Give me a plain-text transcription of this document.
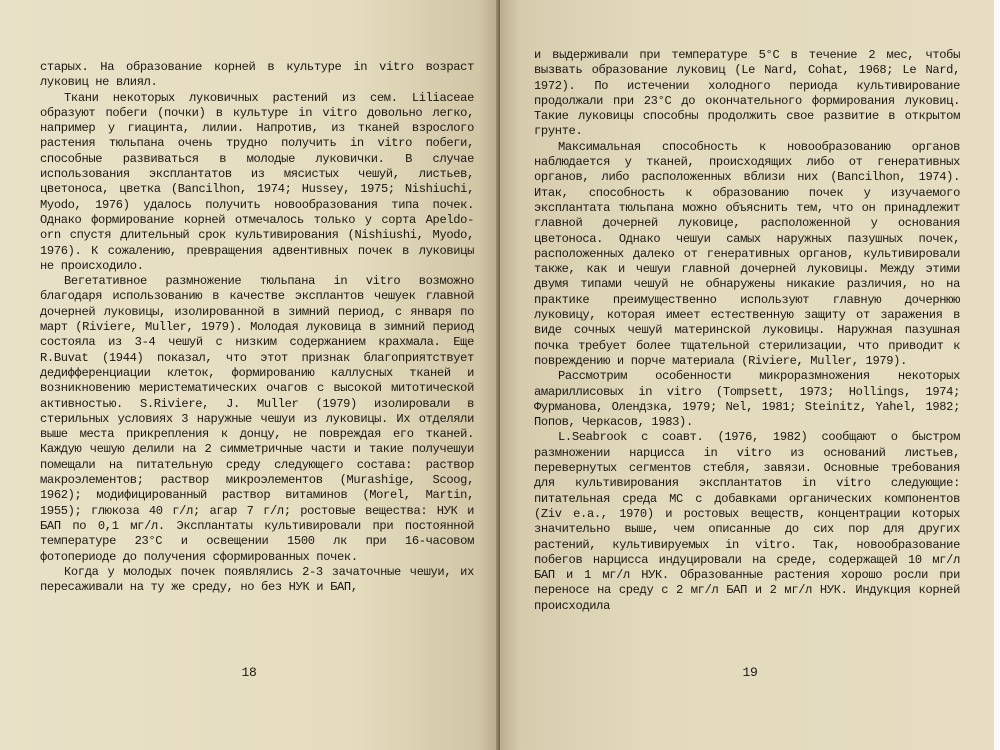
старых. На образование корней в культуре in vitro возраст луковиц не влиял.

Ткани некоторых луковичных растений из сем. Liliaceae образуют побеги (почки) в культуре in vitro довольно легко, например у гиацинта, лилии. Напротив, из тканей взрослого растения тюльпана очень трудно получить in vitro побеги, способные развиваться в молодые луковички. В случае использования эксплантатов из мясистых чешуй, листьев, цветоноса, цветка (Bancilhon, 1974; Hussey, 1975; Nishiuchi, Myodo, 1976) удалось получить новообразования типа почек. Однако формирование корней отмечалось только у сорта Apeldo-orn спустя длительный срок культивирования (Nishiushi, Myodo, 1976). К сожалению, превращения адвентивных почек в луковицы не происходило.

Вегетативное размножение тюльпана in vitro возможно благодаря использованию в качестве эксплантов чешуек главной дочерней луковицы, изолированной в зимний период, с января по март (Riviere, Muller, 1979). Молодая луковица в зимний период состояла из 3-4 чешуй с низким содержанием крахмала. Еще R.Buvat (1944) показал, что этот признак благоприятствует дедифференциации клеток, формированию каллусных тканей и возникновению меристематических очагов с высокой митотической активностью. S.Riviere, J. Muller (1979) изолировали в стерильных условиях 3 наружные чешуи из луковицы. Их отделяли выше места прикрепления к донцу, не повреждая его тканей. Каждую чешую делили на 2 симметричные части и такие получешуи помещали на питательную среду следующего состава: раствор макроэлементов; раствор микроэлементов (Murashige, Scoog, 1962); модифицированный раствор витаминов (Morel, Martin, 1955); глюкоза 40 г/л; агар 7 г/л; ростовые вещества: НУК и БАП по 0,1 мг/л. Эксплантаты культивировали при постоянной температуре 23°С и освещении 1500 лк при 16-часовом фотопериоде до получения сформированных почек.

Когда у молодых почек появлялись 2-3 зачаточные чешуи, их пересаживали на ту же среду, но без НУК и БАП,

18

и выдерживали при температуре 5°С в течение 2 мес, чтобы вызвать образование луковиц (Le Nard, Cohat, 1968; Le Nard, 1972). По истечении холодного периода культивирование продолжали при 23°С до окончательного формирования луковиц. Такие луковицы способны продолжить свое развитие в открытом грунте.

Максимальная способность к новообразованию органов наблюдается у тканей, происходящих либо от генеративных органов, либо расположенных вблизи них (Bancilhon, 1974). Итак, способность к образованию почек у изучаемого эксплантата тюльпана можно объяснить тем, что он принадлежит главной дочерней луковице, расположенной у основания цветоноса. Однако чешуи самых наружных пазушных почек, расположенных далеко от генеративных органов, культивировали также, как и чешуи главной дочерней луковицы. Между этими двумя типами чешуй не обнаружены никакие различия, но на практике преимущественно используют главную дочернюю луковицу, которая имеет естественную защиту от заражения в виде сочных чешуй материнской луковицы. Наружная пазушная почка требует более тщательной стерилизации, что приводит к повреждению и порче материала (Riviere, Muller, 1979).

Рассмотрим особенности микроразмножения некоторых амариллисовых in vitro (Tompsett, 1973; Hollings, 1974; Фурманова, Олендзка, 1979; Nel, 1981; Steinitz, Yahel, 1982; Попов, Черкасов, 1983).

L.Seabrook с соавт. (1976, 1982) сообщают о быстром размножении нарцисса in vitro из оснований листьев, перевернутых сегментов стебля, завязи. Основные требования для культивирования эксплантатов in vitro следующие: питательная среда МС с добавками органических компонентов (Ziv e.a., 1970) и ростовых веществ, концентрации которых значительно выше, чем описанные до сих пор для других растений, культивируемых in vitro. Так, новообразование побегов нарцисса индуцировали на среде, содержащей 10 мг/л БАП и 1 мг/л НУК. Образованные растения хорошо росли при переносе на среду с 2 мг/л БАП и 2 мг/л НУК. Индукция корней происходила

19
